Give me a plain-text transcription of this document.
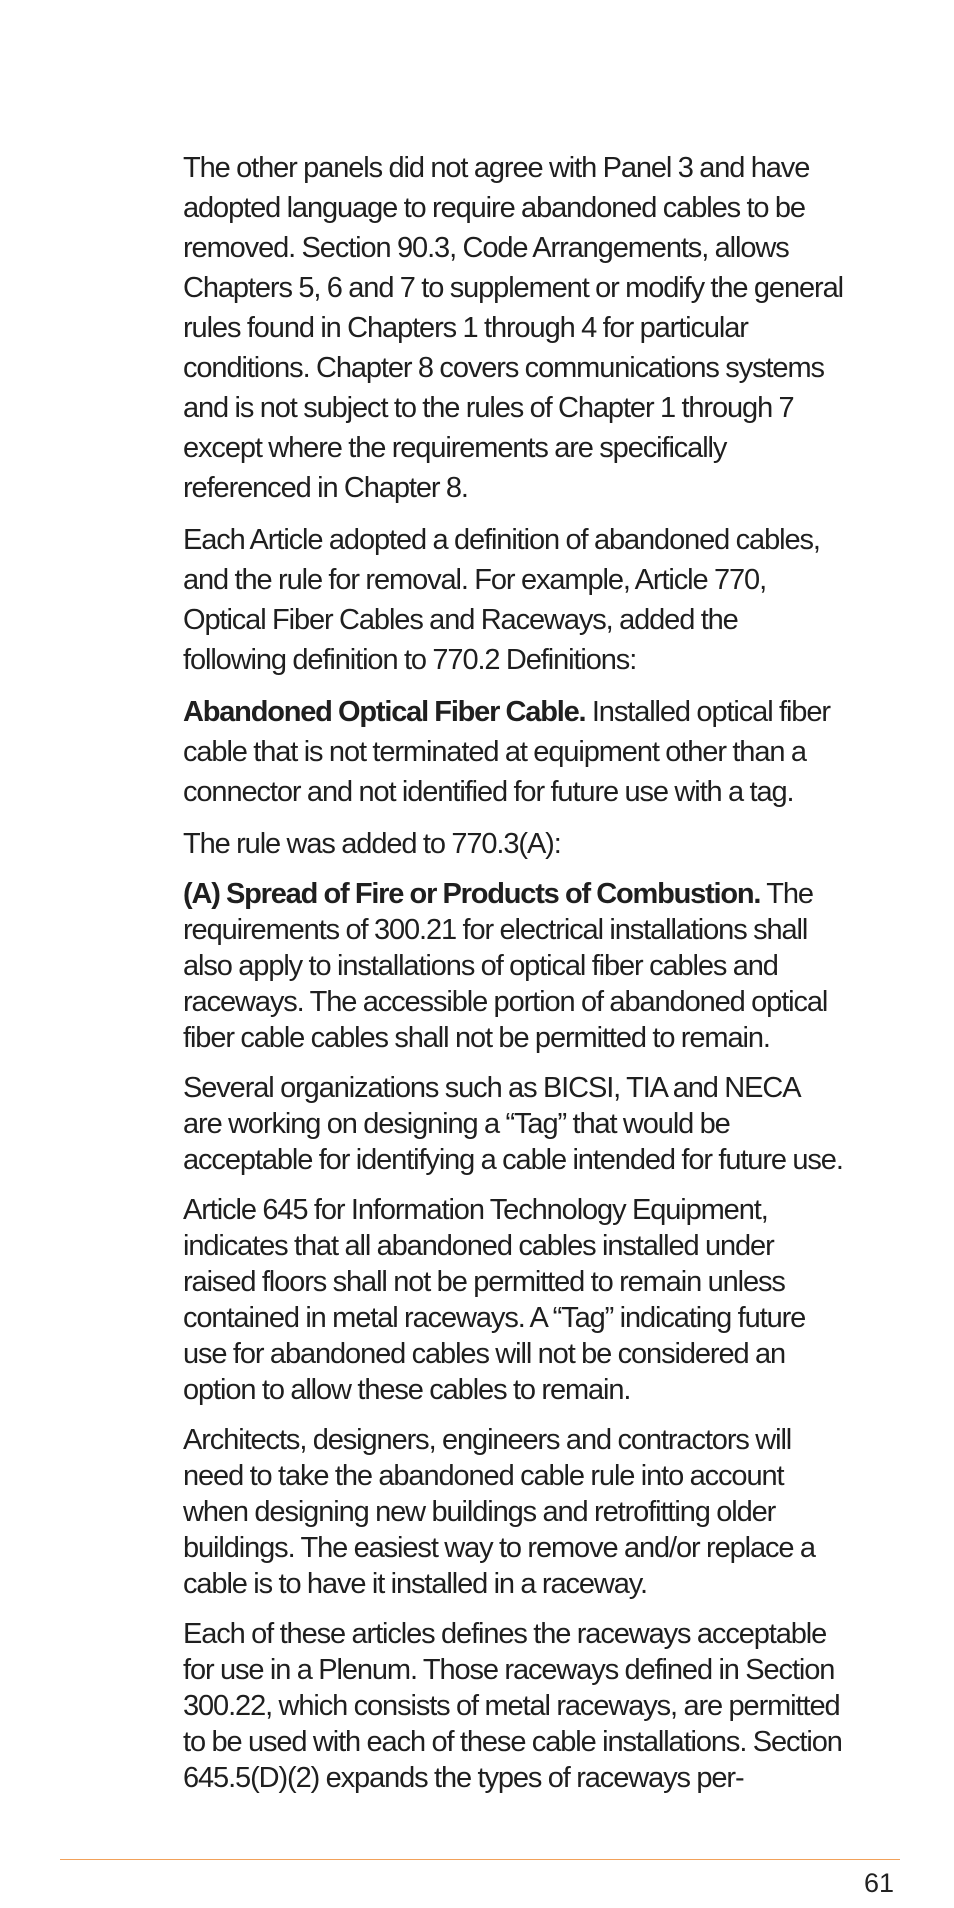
The other panels did not agree with Panel 3 and have adopted language to require abandoned cables to be removed. Section 90.3, Code Arrangements, allows Chapters 5, 6 and 7 to supplement or modify the general rules found in Chapters 1 through 4 for particular conditions. Chapter 8 covers communications systems and is not subject to the rules of Chapter 1 through 7 except where the requirements are specifically referenced in Chapter 8.

Each Article adopted a definition of abandoned cables, and the rule for removal. For example, Article 770, Optical Fiber Cables and Raceways, added the following definition to 770.2 Definitions:

Abandoned Optical Fiber Cable. Installed optical fiber cable that is not terminated at equipment other than a connector and not identified for future use with a tag.

The rule was added to 770.3(A):

(A) Spread of Fire or Products of Combustion. The requirements of 300.21 for electrical installations shall also apply to installations of optical fiber cables and raceways. The accessible portion of abandoned optical fiber cable cables shall not be permitted to remain.

Several organizations such as BICSI, TIA and NECA are working on designing a “Tag” that would be acceptable for identifying a cable intended for future use.

Article 645 for Information Technology Equipment, indicates that all abandoned cables installed under raised floors shall not be permitted to remain unless contained in metal raceways. A “Tag” indicating future use for abandoned cables will not be considered an option to allow these cables to remain.

Architects, designers, engineers and contractors will need to take the abandoned cable rule into account when designing new buildings and retrofitting older buildings. The easiest way to remove and/or replace a cable is to have it installed in a raceway.

Each of these articles defines the raceways acceptable for use in a Plenum. Those raceways defined in Section 300.22, which consists of metal raceways, are permitted to be used with each of these cable installations. Section 645.5(D)(2) expands the types of raceways per-

61
